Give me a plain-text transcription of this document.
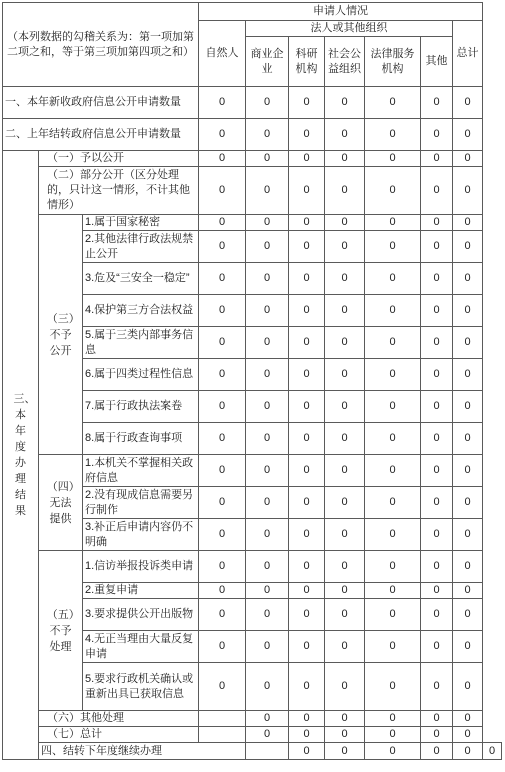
（本列数据的勾稽关系为：第一项加第二项之和，等于第三项加第四项之和）			申请人情况							
			自然人	法人或其他组织					总计	
				商业企业	科研机构	社会公益组织	法律服务机构	其他		
一、本年新收政府信息公开申请数量			0	0	0	0	0	0	0	
二、上年结转政府信息公开申请数量			0	0	0	0	0	0	0	

三、本年度办理结果	（一）予以公开		0	0	0	0	0	0	0	
	（二）部分公开（区分处理的，只计这一情形，不计其他情形）		0	0	0	0	0	0	0	

	（三）不予公开	1.属于国家秘密	0	0	0	0	0	0	0	
		2.其他法律行政法规禁止公开	0	0	0	0	0	0	0	
		3.危及“三安全一稳定”	0	0	0	0	0	0	0	
		4.保护第三方合法权益	0	0	0	0	0	0	0	
		5.属于三类内部事务信息	0	0	0	0	0	0	0	
		6.属于四类过程性信息	0	0	0	0	0	0	0	
		7.属于行政执法案卷	0	0	0	0	0	0	0	
		8.属于行政查询事项	0	0	0	0	0	0	0	

	（四）无法提供	1.本机关不掌握相关政府信息	0	0	0	0	0	0	0	
		2.没有现成信息需要另行制作	0	0	0	0	0	0	0	
		3.补正后申请内容仍不明确	0	0	0	0	0	0	0	

	（五）不予处理	1.信访举报投诉类申请	0	0	0	0	0	0	0	
		2.重复申请	0	0	0	0	0	0	0	
		3.要求提供公开出版物	0	0	0	0	0	0	0	
		4.无正当理由大量反复申请	0	0	0	0	0	0	0	
		5.要求行政机关确认或重新出具已获取信息	0	0	0	0	0	0	0	
	（六）其他处理			0	0	0	0	0	0	
	（七）总计			0	0	0	0	0	0	
	四、结转下年度继续办理				0	0	0	0	0	0
